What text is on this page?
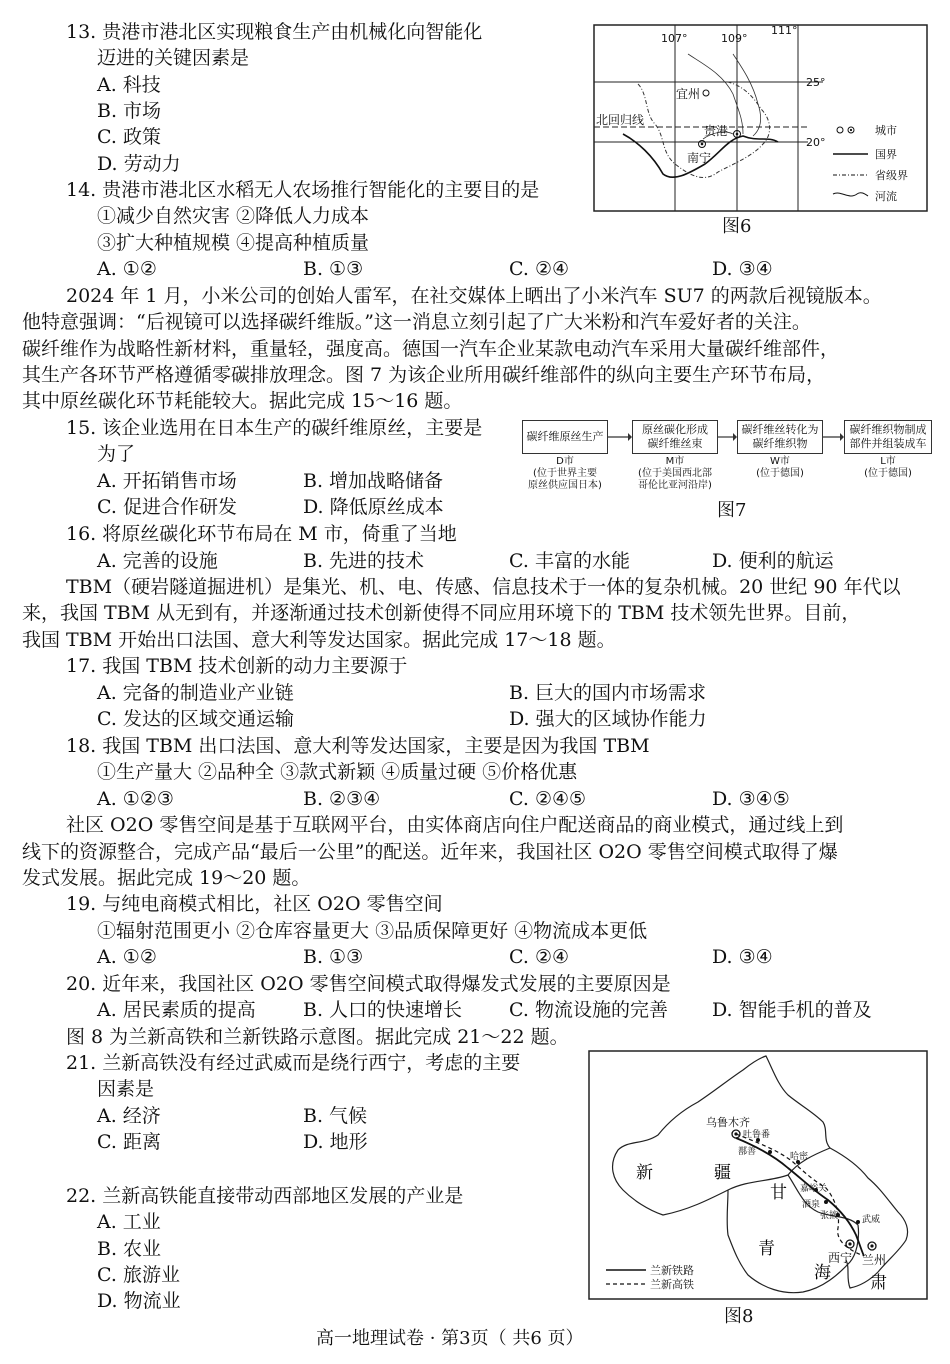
13. 贵港市港北区实现粮食生产由机械化向智能化
迈进的关键因素是
A. 科技
B. 市场
C. 政策
D. 劳动力
14. 贵港市港北区水稻无人农场推行智能化的主要目的是
①减少自然灾害 ②降低人力成本
③扩大种植规模 ④提高种植质量
A. ①②	B. ①③	C. ②④	D. ③④
107°	109°
111°
25°
20°
北回归线
宜州
贵港
南宁
城市
国界
省级界
河流
图6
2024 年 1 月，小米公司的创始人雷军，在社交媒体上晒出了小米汽车 SU7 的两款后视镜版本。
他特意强调：“后视镜可以选择碳纤维版。”这一消息立刻引起了广大米粉和汽车爱好者的关注。
碳纤维作为战略性新材料，重量轻，强度高。德国一汽车企业某款电动汽车采用大量碳纤维部件，
其生产各环节严格遵循零碳排放理念。图 7 为该企业所用碳纤维部件的纵向主要生产环节布局，
其中原丝碳化环节耗能较大。据此完成 15～16 题。
15. 该企业选用在日本生产的碳纤维原丝，主要是
为了
A. 开拓销售市场	B. 增加战略储备
C. 促进合作研发	D. 降低原丝成本
碳纤维原丝生产
原丝碳化形成
碳纤维丝束
碳纤维丝转化为
碳纤维织物
碳纤维织物制成
部件并组装成车
D市
(位于世界主要
原丝供应国日本)
M市
(位于美国西北部
哥伦比亚河沿岸)
W市
(位于德国)
L市
(位于德国)
图7
16. 将原丝碳化环节布局在 M 市，倚重了当地
A. 完善的设施	B. 先进的技术	C. 丰富的水能	D. 便利的航运
TBM（硬岩隧道掘进机）是集光、机、电、传感、信息技术于一体的复杂机械。20 世纪 90 年代以
来，我国 TBM 从无到有，并逐渐通过技术创新使得不同应用环境下的 TBM 技术领先世界。目前，
我国 TBM 开始出口法国、意大利等发达国家。据此完成 17～18 题。
17. 我国 TBM 技术创新的动力主要源于
A. 完备的制造业产业链	B. 巨大的国内市场需求
C. 发达的区域交通运输	D. 强大的区域协作能力
18. 我国 TBM 出口法国、意大利等发达国家，主要是因为我国 TBM
①生产量大 ②品种全 ③款式新颖 ④质量过硬 ⑤价格优惠
A. ①②③	B. ②③④	C. ②④⑤	D. ③④⑤
社区 O2O 零售空间是基于互联网平台，由实体商店向住户配送商品的商业模式，通过线上到
线下的资源整合，完成产品“最后一公里”的配送。近年来，我国社区 O2O 零售空间模式取得了爆
发式发展。据此完成 19～20 题。
19. 与纯电商模式相比，社区 O2O 零售空间
①辐射范围更小 ②仓库容量更大 ③品质保障更好 ④物流成本更低
A. ①②	B. ①③	C. ②④	D. ③④
20. 近年来，我国社区 O2O 零售空间模式取得爆发式发展的主要原因是
A. 居民素质的提高 B. 人口的快速增长 C. 物流设施的完善 D. 智能手机的普及
图 8 为兰新高铁和兰新铁路示意图。据此完成 21～22 题。
21. 兰新高铁没有经过武威而是绕行西宁，考虑的主要
因素是
A. 经济	B. 气候
C. 距离	D. 地形
22. 兰新高铁能直接带动西部地区发展的产业是
A. 工业
B. 农业
C. 旅游业
D. 物流业
乌鲁木齐
吐鲁番
鄯善	哈密
嘉峪关
酒泉
张掖	武威
西宁 兰州
新	疆
甘
青
海 肃
兰新铁路
兰新高铁
图8
高一地理试卷 · 第3页（ 共6 页）
